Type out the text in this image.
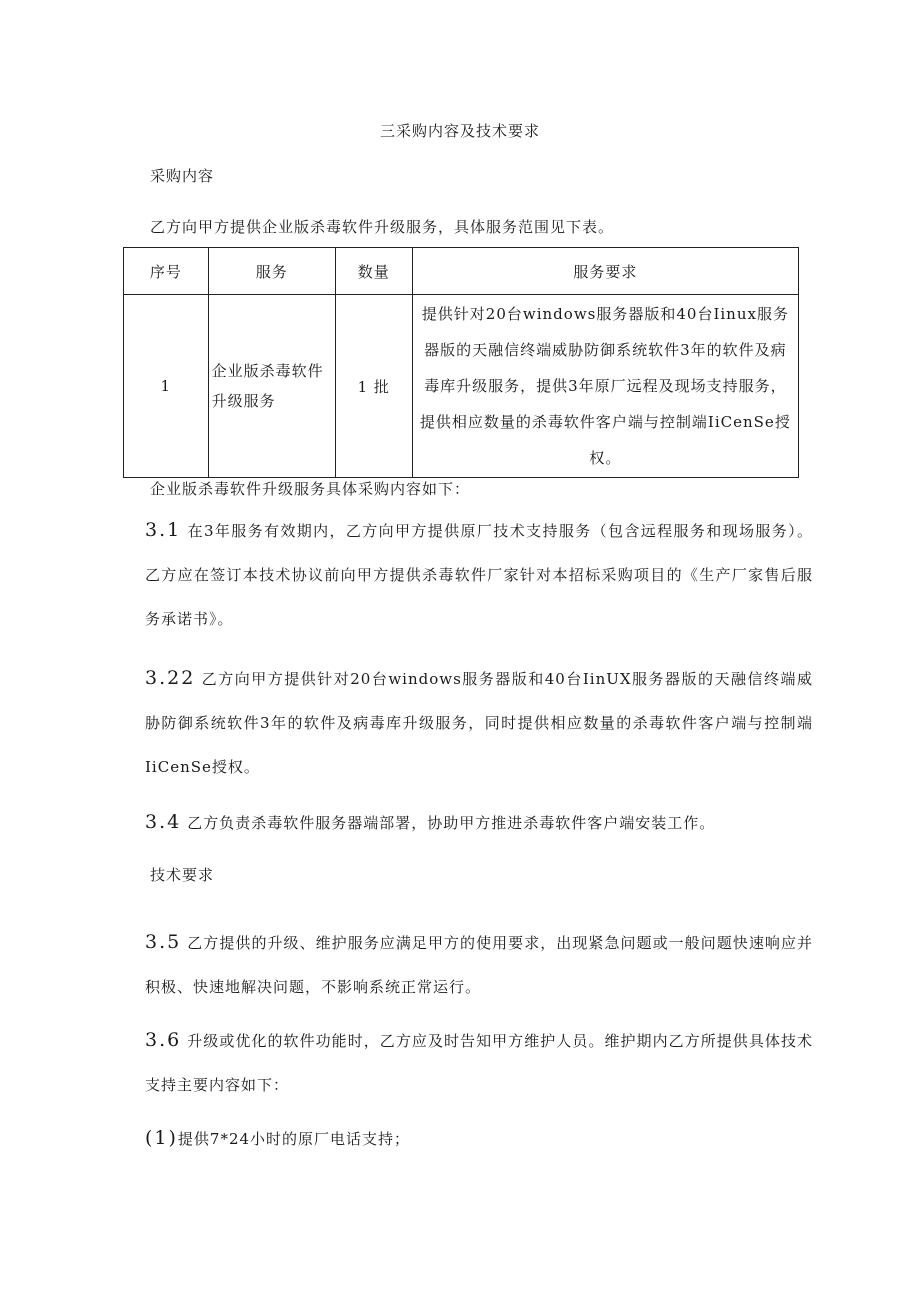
三采购内容及技术要求
采购内容
乙方向甲方提供企业版杀毒软件升级服务，具体服务范围见下表。
序号	服务	数量	服务要求
1	企业版杀毒软件升级服务	1 批	提供针对20台windows服务器版和40台Iinux服务器版的天融信终端威胁防御系统软件3年的软件及病毒库升级服务，提供3年原厂远程及现场支持服务，提供相应数量的杀毒软件客户端与控制端IiCenSe授权。
企业版杀毒软件升级服务具体采购内容如下：
3.1 在3年服务有效期内，乙方向甲方提供原厂技术支持服务（包含远程服务和现场服务）。乙方应在签订本技术协议前向甲方提供杀毒软件厂家针对本招标采购项目的《生产厂家售后服务承诺书》。
3.22 乙方向甲方提供针对20台windows服务器版和40台IinUX服务器版的天融信终端威胁防御系统软件3年的软件及病毒库升级服务，同时提供相应数量的杀毒软件客户端与控制端IiCenSe授权。
3.4 乙方负责杀毒软件服务器端部署，协助甲方推进杀毒软件客户端安装工作。
技术要求
3.5 乙方提供的升级、维护服务应满足甲方的使用要求，出现紧急问题或一般问题快速响应并积极、快速地解决问题，不影响系统正常运行。
3.6 升级或优化的软件功能时，乙方应及时告知甲方维护人员。维护期内乙方所提供具体技术支持主要内容如下：
(1)提供7*24小时的原厂电话支持；
